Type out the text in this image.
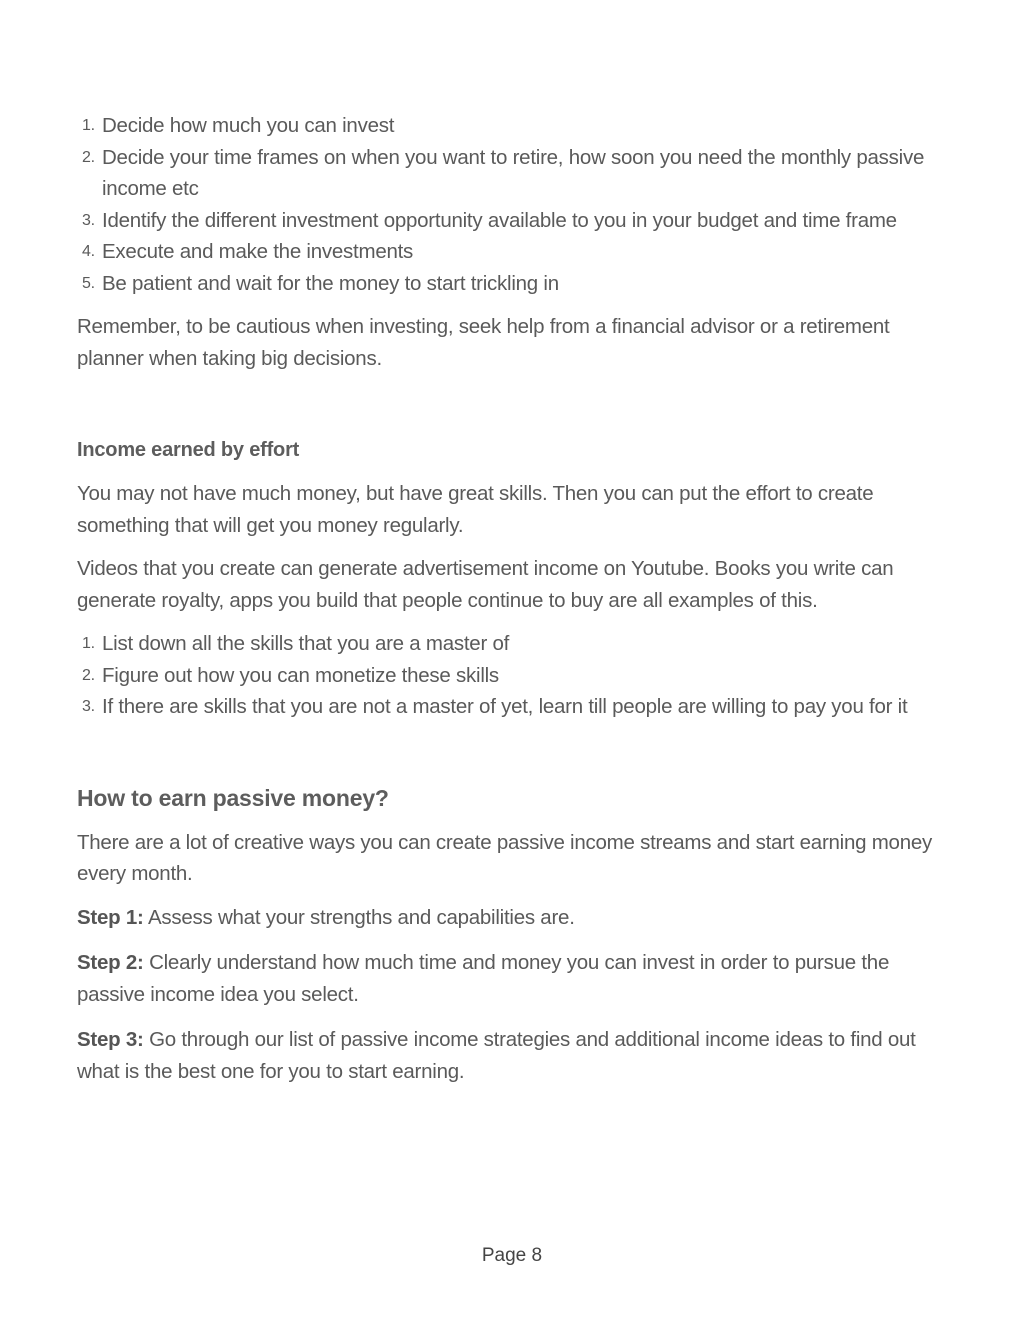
1. Decide how much you can invest
2. Decide your time frames on when you want to retire, how soon you need the monthly passive income etc
3. Identify the different investment opportunity available to you in your budget and time frame
4. Execute and make the investments
5. Be patient and wait for the money to start trickling in

Remember, to be cautious when investing, seek help from a financial advisor or a retirement planner when taking big decisions.

Income earned by effort

You may not have much money, but have great skills. Then you can put the effort to create something that will get you money regularly.

Videos that you create can generate advertisement income on Youtube. Books you write can generate royalty, apps you build that people continue to buy are all examples of this.

1. List down all the skills that you are a master of
2. Figure out how you can monetize these skills
3. If there are skills that you are not a master of yet, learn till people are willing to pay you for it
How to earn passive money?

There are a lot of creative ways you can create passive income streams and start earning money every month.

Step 1: Assess what your strengths and capabilities are.

Step 2: Clearly understand how much time and money you can invest in order to pursue the passive income idea you select.

Step 3: Go through our list of passive income strategies and additional income ideas to find out what is the best one for you to start earning.

Page 8
